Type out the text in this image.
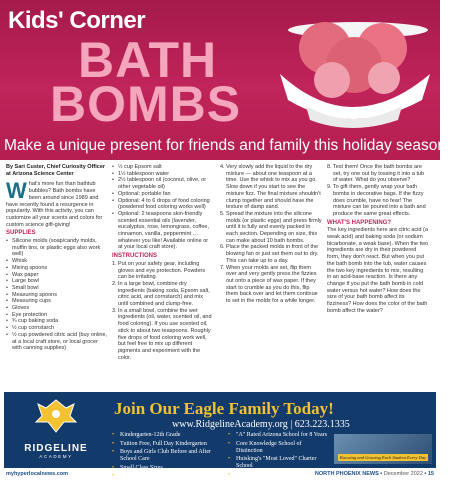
Kids' Corner
BATH
BOMBS
Make a unique present for friends and family this holiday season.
By Sari Custer, Chief Curiosity Officer at Arizona Science Center

What's more fun than bathtub bubbles? Bath bombs have been around since 1989 and have recently found a resurgence in popularity. With this activity, you can customize all your scents and colors for custom science gift-giving!

SUPPLIES
• Silicone molds (soap/candy molds, muffin tins, or plastic eggs also work well)
• Whisk
• Mixing spoons
• Wax paper
• Large bowl
• Small bowl
• Measuring spoons
• Measuring cups
• Gloves
• Eye protection
• ¾ cup baking soda
• ½ cup cornstarch
• ½ cup powdered citric acid (buy online, at a local craft store, or local grocer with canning supplies)
• ½ cup Epsom salt
• 1½ tablespoon water
• 2½ tablespoon oil (coconut, olive, or other vegetable oil)
• Optional: portable fan
• Optional: 4 to 6 drops of food coloring (powdered food coloring works well)
• Optional: 2 teaspoons skin-friendly scented essential oils (lavender, eucalyptus, rose, lemongrass, coffee, cinnamon, vanilla, peppermint … whatever you like! Available online or at your local craft store).
INSTRUCTIONS
1. Put on your safety gear, including gloves and eye protection. Powders can be irritating.
2. In a large bowl, combine dry ingredients (baking soda, Epsom salt, citric acid, and cornstarch) and mix until combined and clump-free.
3. In a small bowl, combine the wet ingredients (oil, water, scented oil, and food coloring). If you use scented oil, stick to about two teaspoons. Roughly five drops of food coloring work well, but feel free to mix up different pigments and experiment with the color.
4. Very slowly add the liquid to the dry mixture — about one teaspoon at a time. Use the whisk to mix as you go. Slow down if you start to see the mixture fizz. The final mixture shouldn't clump together and should have the texture of damp sand.
5. Spread the mixture into the silicone molds (or plastic eggs) and press firmly until it is fully and evenly packed in each section. Depending on size, this can make about 10 bath bombs.
6. Place the packed molds in front of the blowing fan or just set them out to dry. This can take up to a day.
7. When your molds are set, flip them over and very gently press the fizzies out onto a piece of wax paper. If they start to crumble as you do this, flip them back over and let them continue to set in the molds for a while longer.
8. Test them! Once the bath bombs are set, try one out by tossing it into a tub of water. What do you observe?
9. To gift them, gently wrap your bath bombs in decorative bags. If the fizzy does crumble, have no fear! The mixture can be poured into a bath and produce the same great effects.
WHAT'S HAPPENING?

The key ingredients here are citric acid (a weak acid) and baking soda (or sodium bicarbonate, a weak base). When the two ingredients are dry in their powdered form, they don't react. But when you put the bath bomb into the tub, water causes the two key ingredients to mix, resulting in an acid-base reaction. Is there any change if you put the bath bomb in cold water versus hot water? How does the size of your bath bomb affect its fizziness? How does the color of the bath bomb affect the water?

RIDGELINE
ACADEMY
Join Our Eagle Family Today!
www.RidgelineAcademy.org | 623.223.1335
• Kindergarten-12th Grade
• Tuition Free, Full Day Kindergarten
• Boys and Girls Club Before and After School Care
• Small Class Sizes
• Competitive Sports Programs
• "A" Rated Arizona School for 8 Years
• Core Knowledge School of Distinction
• Huisking's "Most Loved" Charter School
• Purposeful Rigorous Education
Knowing and Growing Each Student Every Day
myhyperlocalnews.com	NORTH PHOENIX NEWS • December 2022 • 15
